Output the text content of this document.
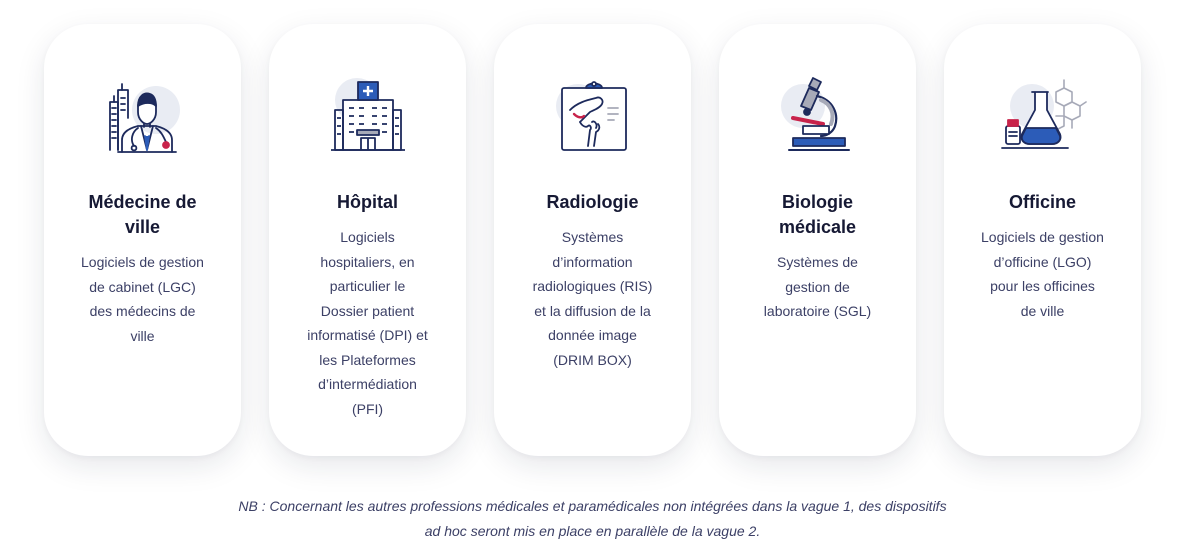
Médecine de
ville
Logiciels de gestion
de cabinet (LGC)
des médecins de
ville
Hôpital
Logiciels
hospitaliers, en
particulier le
Dossier patient
informatisé (DPI) et
les Plateformes
d’intermédiation
(PFI)
Radiologie
Systèmes
d’information
radiologiques (RIS)
et la diffusion de la
donnée image
(DRIM BOX)
Biologie
médicale
Systèmes de
gestion de
laboratoire (SGL)
Officine
Logiciels de gestion
d’officine (LGO)
pour les officines
de ville
NB : Concernant les autres professions médicales et paramédicales non intégrées dans la vague 1, des dispositifs
ad hoc seront mis en place en parallèle de la vague 2.
